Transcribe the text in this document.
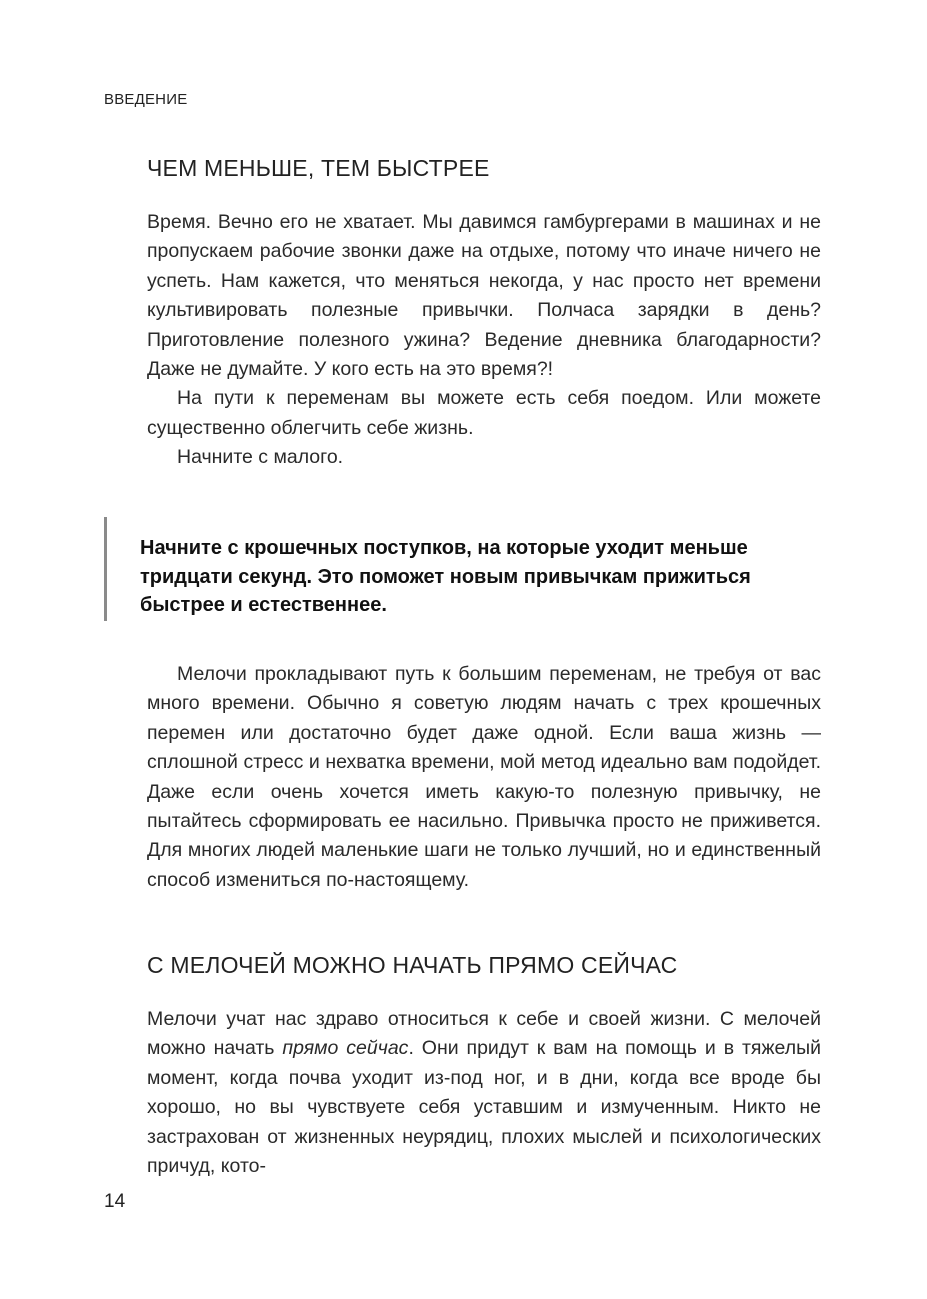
ВВЕДЕНИЕ
ЧЕМ МЕНЬШЕ, ТЕМ БЫСТРЕЕ

Время. Вечно его не хватает. Мы давимся гамбургерами в машинах и не пропускаем рабочие звонки даже на отдыхе, потому что иначе ничего не успеть. Нам кажется, что меняться некогда, у нас просто нет времени культивировать полезные привычки. Полчаса зарядки в день? Приготовление полезного ужина? Ведение дневника благодарности? Даже не думайте. У кого есть на это время?!

На пути к переменам вы можете есть себя поедом. Или можете существенно облегчить себе жизнь.

Начните с малого.

Начните с крошечных поступков, на которые уходит меньше тридцати секунд. Это поможет новым привычкам прижиться быстрее и естественнее.

Мелочи прокладывают путь к большим переменам, не требуя от вас много времени. Обычно я советую людям начать с трех крошечных перемен или достаточно будет даже одной. Если ваша жизнь — сплошной стресс и нехватка времени, мой метод идеально вам подойдет. Даже если очень хочется иметь какую-то полезную привычку, не пытайтесь сформировать ее насильно. Привычка просто не приживется. Для многих людей маленькие шаги не только лучший, но и единственный способ измениться по-настоящему.

С МЕЛОЧЕЙ МОЖНО НАЧАТЬ ПРЯМО СЕЙЧАС

Мелочи учат нас здраво относиться к себе и своей жизни. С мелочей можно начать прямо сейчас. Они придут к вам на помощь и в тяжелый момент, когда почва уходит из-под ног, и в дни, когда все вроде бы хорошо, но вы чувствуете себя уставшим и измученным. Никто не застрахован от жизненных неурядиц, плохих мыслей и психологических причуд, кото-

14
